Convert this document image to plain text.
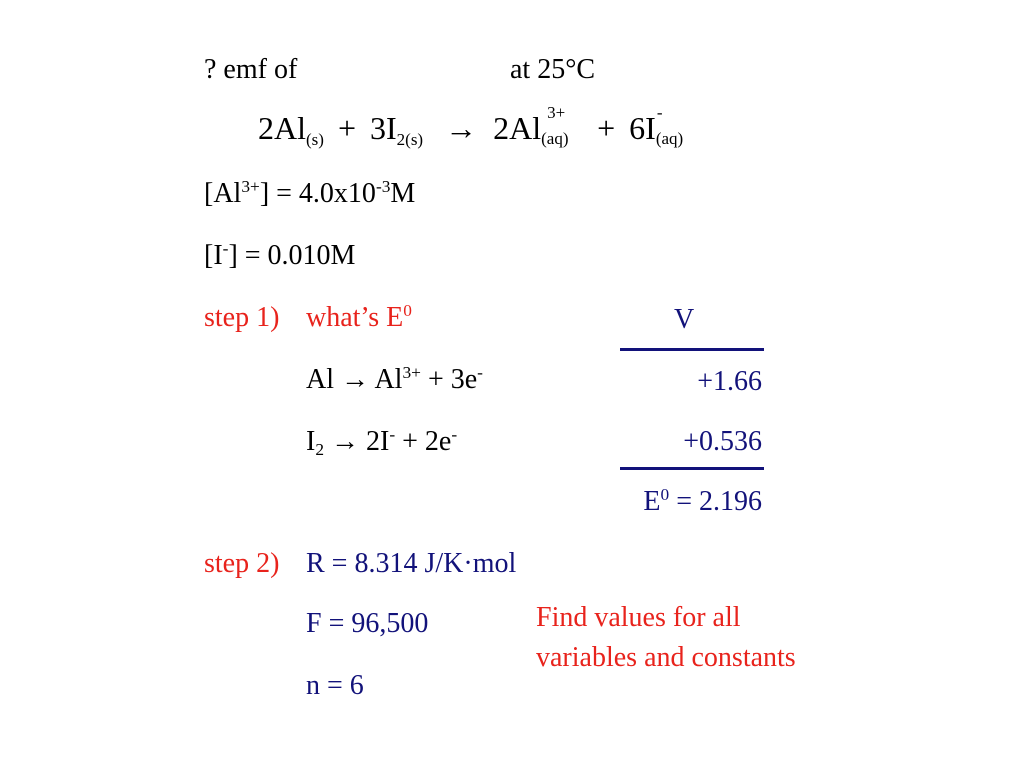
? emf of	at 25°C
2Al(s) + 3I2(s) → 2Al 3+
(aq) + 6I -
(aq)
$[Al^{3+}] = 4.0x10^{-3}M$
[I-] = 0.010M
step 1) what’s $E^0$
$Al \to Al^{3+} + 3e^-$
$I_2 \to 2I^- + 2e^-$
V
+1.66
+0.536
$E^0 = 2.196$
step 2) R = 8.314 J/K·mol
F = 96,500
n = 6
Find values for all
variables and constants
